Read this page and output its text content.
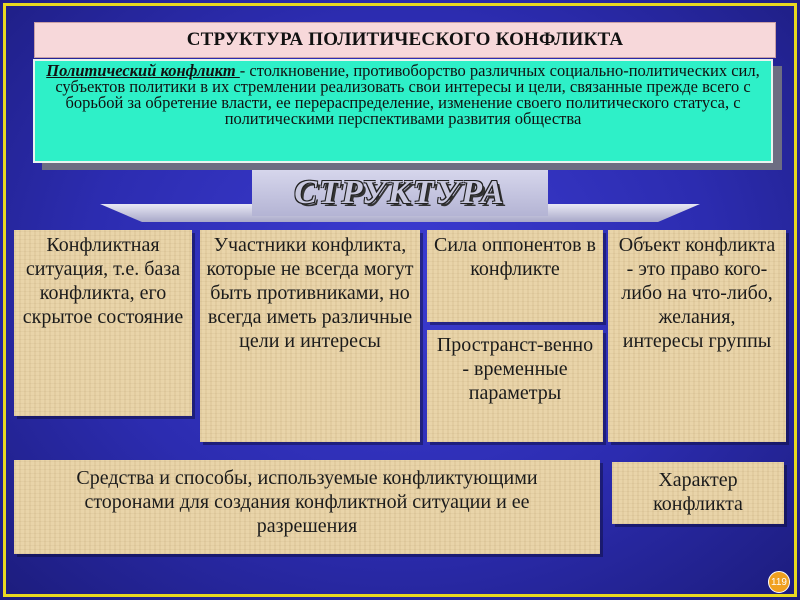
СТРУКТУРА ПОЛИТИЧЕСКОГО КОНФЛИКТА
Политический конфликт - столкновение, противоборство различных социально-политических сил, субъектов политики в их стремлении реализовать свои интересы и цели, связанные прежде всего с борьбой за обретение власти, ее перераспределение, изменение своего политического статуса, с политическими перспективами развития общества
СТРУКТУРА
Конфликтная ситуация, т.е. база конфликта, его скрытое состояние
Участники конфликта, которые не всегда могут быть противниками, но всегда иметь различные цели и интересы
Сила оппонентов в конфликте
Пространст-венно - временные параметры
Объект конфликта - это право кого-либо на что-либо, желания, интересы группы
Средства и способы, используемые конфликтующими сторонами для создания конфликтной ситуации и ее разрешения
Характер конфликта
119
